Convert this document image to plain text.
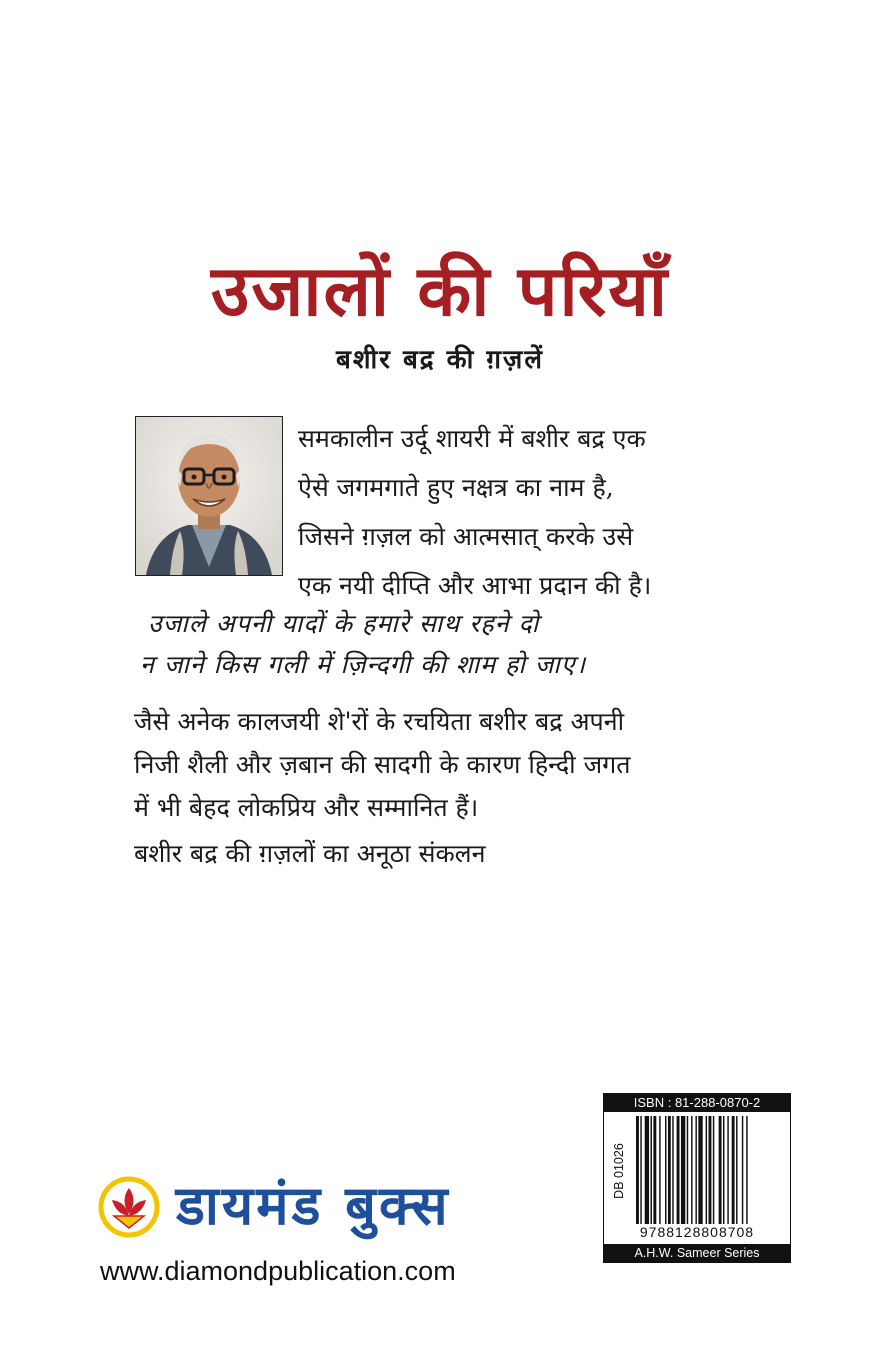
उजालों की परियाँ
बशीर बद्र की ग़ज़लें

समकालीन उर्दू शायरी में बशीर बद्र एक
ऐसे जगमगाते हुए नक्षत्र का नाम है,
जिसने ग़ज़ल को आत्मसात् करके उसे
एक नयी दीप्ति और आभा प्रदान की है।

उजाले अपनी यादों के हमारे साथ रहने दो
न जाने किस गली में ज़िन्दगी की शाम हो जाए।

जैसे अनेक कालजयी शे'रों के रचयिता बशीर बद्र अपनी
निजी शैली और ज़बान की सादगी के कारण हिन्दी जगत
में भी बेहद लोकप्रिय और सम्मानित हैं।

बशीर बद्र की ग़ज़लों का अनूठा संकलन
डायमंड बुक्स
www.diamondpublication.com
ISBN : 81-288-0870-2
DB 01026
9788128808708
A.H.W. Sameer Series
